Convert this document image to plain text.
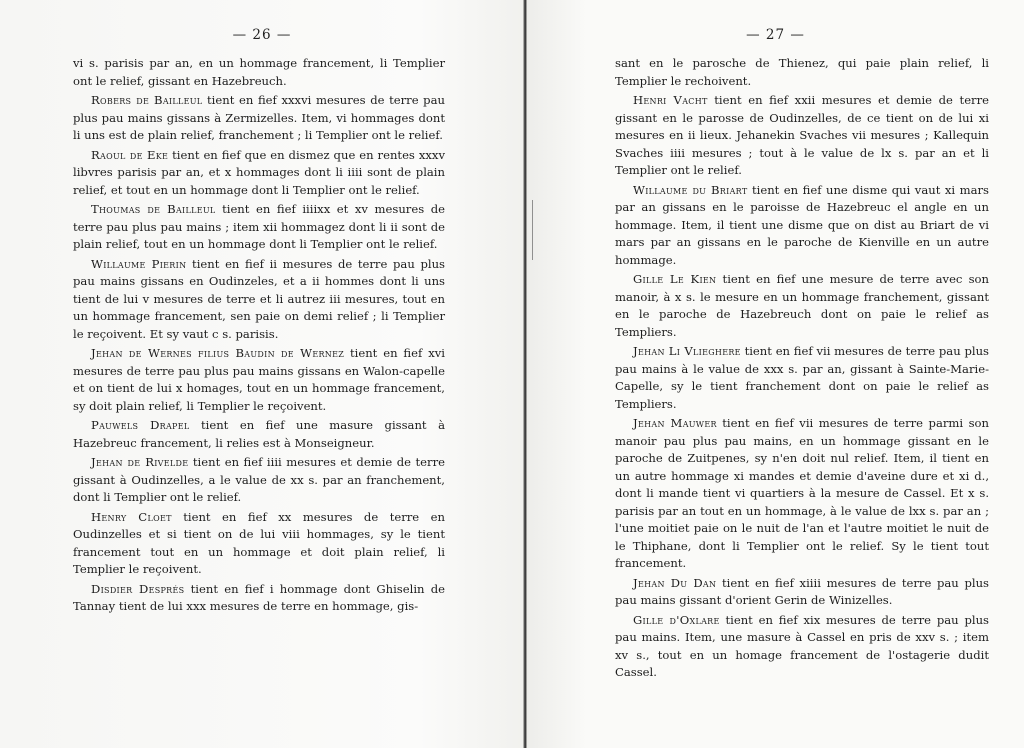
— 26 —

vi s. parisis par an, en un hommage francement, li Templier ont le relief, gissant en Hazebreuch.

Robers de Bailleul tient en fief xxxvi mesures de terre pau plus pau mains gissans à Zermizelles. Item, vi hommages dont li uns est de plain relief, franchement ; li Templier ont le relief.

Raoul de Eke tient en fief que en dismez que en rentes xxxv libvres parisis par an, et x hommages dont li iiii sont de plain relief, et tout en un hommage dont li Templier ont le relief.

Thoumas de Bailleul tient en fief iiiixx et xv mesures de terre pau plus pau mains ; item xii hommagez dont li ii sont de plain relief, tout en un hommage dont li Templier ont le relief.

Willaume Pierin tient en fief ii mesures de terre pau plus pau mains gissans en Oudinzeles, et a ii hommes dont li uns tient de lui v mesures de terre et li autrez iii mesures, tout en un hommage francement, sen paie on demi relief ; li Templier le reçoivent. Et sy vaut c s. parisis.

Jehan de Wernes filius Baudin de Wernez tient en fief xvi mesures de terre pau plus pau mains gissans en Walon-capelle et on tient de lui x homages, tout en un hommage francement, sy doit plain relief, li Templier le reçoivent.

Pauwels Drapel tient en fief une masure gissant à Hazebreuc francement, li relies est à Monseigneur.

Jehan de Rivelde tient en fief iiii mesures et demie de terre gissant à Oudinzelles, a le value de xx s. par an franchement, dont li Templier ont le relief.

Henry Cloet tient en fief xx mesures de terre en Oudinzelles et si tient on de lui viii hommages, sy le tient francement tout en un hommage et doit plain relief, li Templier le reçoivent.

Disdier Després tient en fief i hommage dont Ghiselin de Tannay tient de lui xxx mesures de terre en hommage, gis-

— 27 —

sant en le parosche de Thienez, qui paie plain relief, li Templier le rechoivent.

Henri Vacht tient en fief xxii mesures et demie de terre gissant en le parosse de Oudinzelles, de ce tient on de lui xi mesures en ii lieux. Jehanekin Svaches vii mesures ; Kallequin Svaches iiii mesures ; tout à le value de lx s. par an et li Templier ont le relief.

Willaume du Briart tient en fief une disme qui vaut xi mars par an gissans en le paroisse de Hazebreuc el angle en un hommage. Item, il tient une disme que on dist au Briart de vi mars par an gissans en le paroche de Kienville en un autre hommage.

Gille Le Kien tient en fief une mesure de terre avec son manoir, à x s. le mesure en un hommage franchement, gissant en le paroche de Hazebreuch dont on paie le relief as Templiers.

Jehan Li Vlieghere tient en fief vii mesures de terre pau plus pau mains à le value de xxx s. par an, gissant à Sainte-Marie-Capelle, sy le tient franchement dont on paie le relief as Templiers.

Jehan Mauwer tient en fief vii mesures de terre parmi son manoir pau plus pau mains, en un hommage gissant en le paroche de Zuitpenes, sy n'en doit nul relief. Item, il tient en un autre hommage xi mandes et demie d'aveine dure et xi d., dont li mande tient vi quartiers à la mesure de Cassel. Et x s. parisis par an tout en un hommage, à le value de lxx s. par an ; l'une moitiet paie on le nuit de l'an et l'autre moitiet le nuit de le Thiphane, dont li Templier ont le relief. Sy le tient tout francement.

Jehan Du Dan tient en fief xiiii mesures de terre pau plus pau mains gissant d'orient Gerin de Winizelles.

Gille d'Oxlare tient en fief xix mesures de terre pau plus pau mains. Item, une masure à Cassel en pris de xxv s. ; item xv s., tout en un homage francement de l'ostagerie dudit Cassel.
